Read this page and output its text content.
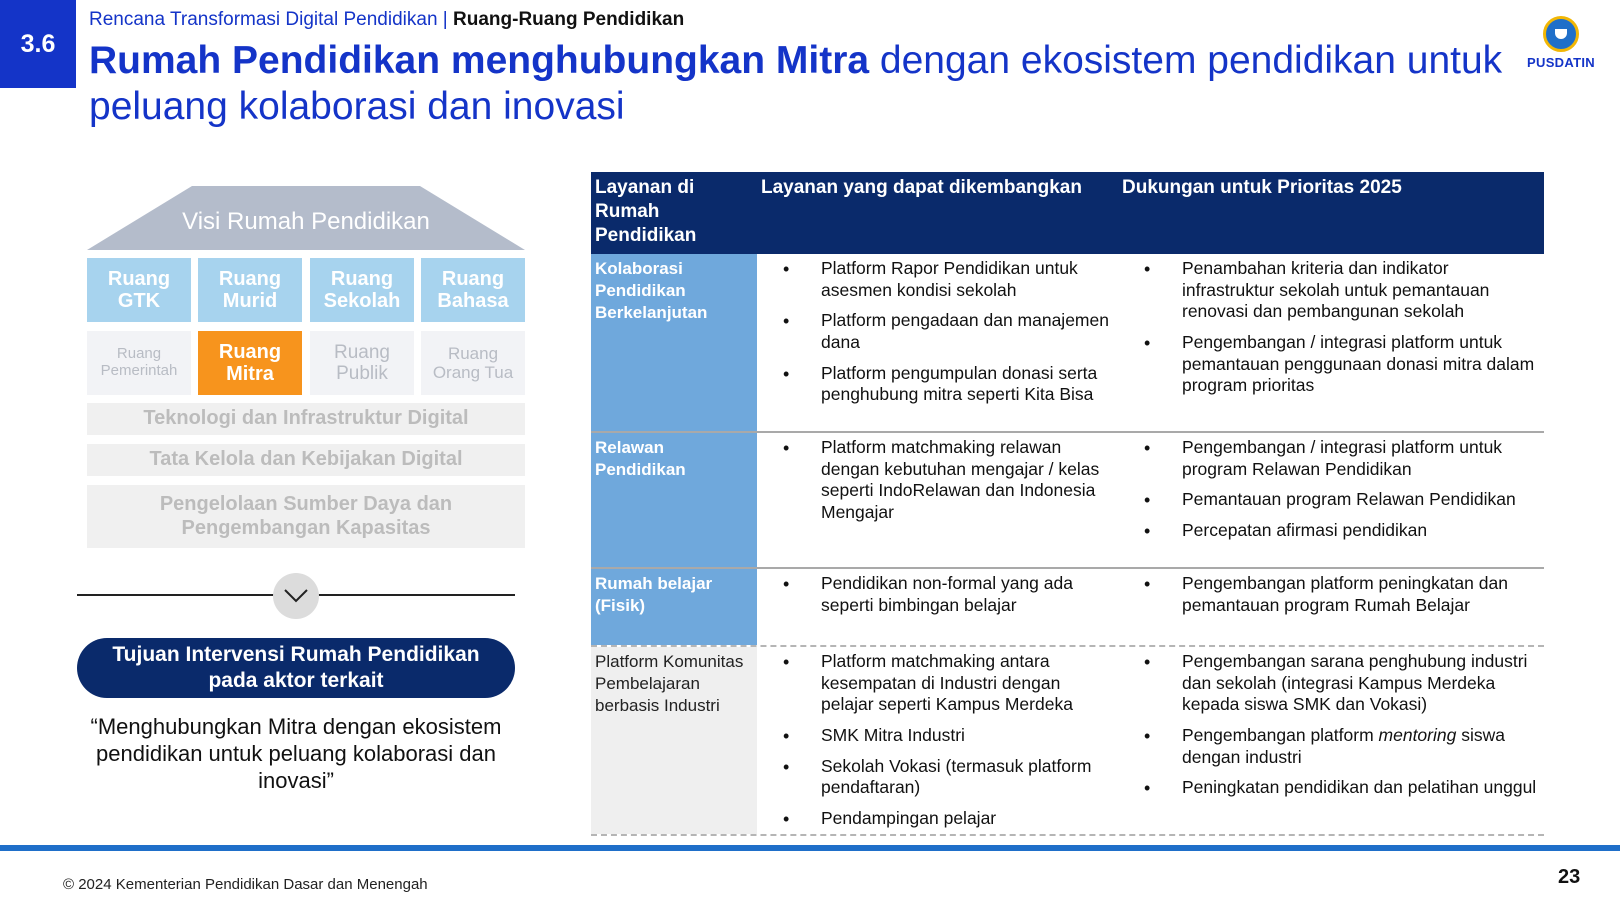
3.6
Rencana Transformasi Digital Pendidikan | Ruang-Ruang Pendidikan
Rumah Pendidikan menghubungkan Mitra dengan ekosistem pendidikan untuk peluang kolaborasi dan inovasi
PUSDATIN
Visi Rumah Pendidikan
Ruang
GTK
Ruang
Murid
Ruang
Sekolah
Ruang
Bahasa
Ruang
Pemerintah
Ruang
Mitra
Ruang
Publik
Ruang
Orang Tua
Teknologi dan Infrastruktur Digital
Tata Kelola dan Kebijakan Digital
Pengelolaan Sumber Daya dan Pengembangan Kapasitas
Tujuan Intervensi Rumah Pendidikan
pada aktor terkait
“Menghubungkan Mitra dengan ekosistem pendidikan untuk peluang kolaborasi dan inovasi”
Layanan di Rumah Pendidikan
Layanan yang dapat dikembangkan	Dukungan untuk Prioritas 2025
Kolaborasi Pendidikan Berkelanjutan
• Platform Rapor Pendidikan untuk asesmen kondisi sekolah
• Platform pengadaan dan manajemen dana
• Platform pengumpulan donasi serta penghubung mitra seperti Kita Bisa
• Penambahan kriteria dan indikator infrastruktur sekolah untuk pemantauan renovasi dan pembangunan sekolah
• Pengembangan / integrasi platform untuk pemantauan penggunaan donasi mitra dalam program prioritas
Relawan Pendidikan
• Platform matchmaking relawan dengan kebutuhan mengajar / kelas seperti IndoRelawan dan Indonesia Mengajar
• Pengembangan / integrasi platform untuk program Relawan Pendidikan
• Pemantauan program Relawan Pendidikan
• Percepatan afirmasi pendidikan
Rumah belajar (Fisik)
• Pendidikan non-formal yang ada seperti bimbingan belajar
• Pengembangan platform peningkatan dan pemantauan program Rumah Belajar
Platform Komunitas Pembelajaran berbasis Industri
• Platform matchmaking antara kesempatan di Industri dengan pelajar seperti Kampus Merdeka
• SMK Mitra Industri
• Sekolah Vokasi (termasuk platform pendaftaran)
• Pendampingan pelajar
• Pengembangan sarana penghubung industri dan sekolah (integrasi Kampus Merdeka kepada siswa SMK dan Vokasi)
• Pengembangan platform mentoring siswa dengan industri
• Peningkatan pendidikan dan pelatihan unggul
© 2024 Kementerian Pendidikan Dasar dan Menengah	23
